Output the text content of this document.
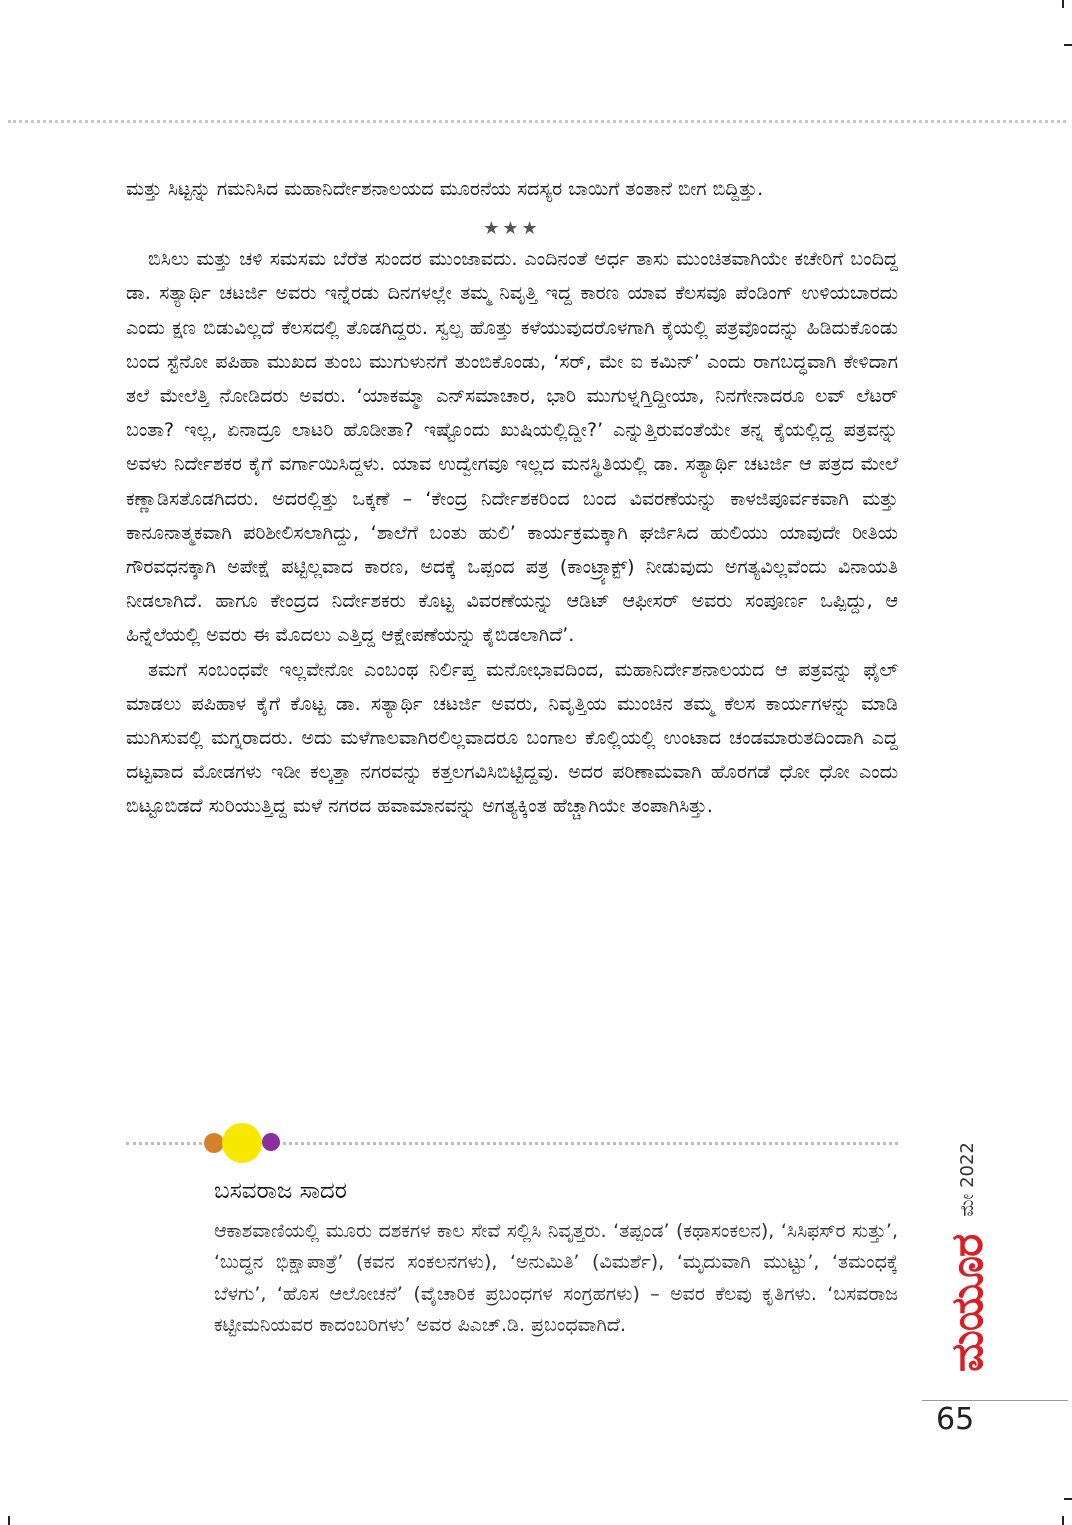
ಮತ್ತು ಸಿಟ್ಟನ್ನು ಗಮನಿಸಿದ ಮಹಾನಿರ್ದೇಶನಾಲಯದ ಮೂರನೆಯ ಸದಸ್ಯರ ಬಾಯಿಗೆ ತಂತಾನೆ ಬೀಗ ಬಿದ್ದಿತ್ತು.

★★★

ಬಿಸಿಲು ಮತ್ತು ಚಳಿ ಸಮಸಮ ಬೆರೆತ ಸುಂದರ ಮುಂಜಾವದು. ಎಂದಿನಂತೆ ಅರ್ಧ ತಾಸು ಮುಂಚಿತವಾಗಿಯೇ ಕಚೇರಿಗೆ ಬಂದಿದ್ದ ಡಾ. ಸತ್ಯಾರ್ಥಿ ಚಟರ್ಜಿ ಅವರು ಇನ್ನೆರಡು ದಿನಗಳಲ್ಲೇ ತಮ್ಮ ನಿವೃತ್ತಿ ಇದ್ದ ಕಾರಣ ಯಾವ ಕೆಲಸವೂ ಪೆಂಡಿಂಗ್ ಉಳಿಯಬಾರದು ಎಂದು ಕ್ಷಣ ಬಿಡುವಿಲ್ಲದೆ ಕೆಲಸದಲ್ಲಿ ತೊಡಗಿದ್ದರು. ಸ್ವಲ್ಪ ಹೊತ್ತು ಕಳೆಯುವುದರೊಳಗಾಗಿ ಕೈಯಲ್ಲಿ ಪತ್ರವೊಂದನ್ನು ಹಿಡಿದುಕೊಂಡು ಬಂದ ಸ್ಟೆನೋ ಪಪಿಹಾ ಮುಖದ ತುಂಬ ಮುಗುಳುನಗೆ ತುಂಬಿಕೊಂಡು, ‘ಸರ್, ಮೇ ಐ ಕಮಿನ್’ ಎಂದು ರಾಗಬದ್ಧವಾಗಿ ಕೇಳಿದಾಗ ತಲೆ ಮೇಲೆತ್ತಿ ನೋಡಿದರು ಅವರು. ‘ಯಾಕಮ್ಮಾ ಎನ್‌ಸಮಾಚಾರ, ಭಾರಿ ಮುಗುಳ್ನಗ್ತಿದ್ದೀಯಾ, ನಿನಗೇನಾದರೂ ಲವ್ ಲೆಟರ್ ಬಂತಾ? ಇಲ್ಲ, ಏನಾದ್ರೂ ಲಾಟರಿ ಹೊಡೀತಾ? ಇಷ್ಟೊಂದು ಖುಷಿಯಲ್ಲಿದ್ದೀ?’ ಎನ್ನುತ್ತಿರುವಂತೆಯೇ ತನ್ನ ಕೈಯಲ್ಲಿದ್ದ ಪತ್ರವನ್ನು ಅವಳು ನಿರ್ದೇಶಕರ ಕೈಗೆ ವರ್ಗಾಯಿಸಿದ್ದಳು. ಯಾವ ಉದ್ವೇಗವೂ ಇಲ್ಲದ ಮನಸ್ಥಿತಿಯಲ್ಲಿ ಡಾ. ಸತ್ಯಾರ್ಥಿ ಚಟರ್ಜಿ ಆ ಪತ್ರದ ಮೇಲೆ ಕಣ್ಣಾಡಿಸತೊಡಗಿದರು. ಅದರಲ್ಲಿತ್ತು ಒಕ್ಕಣೆ – ‘ಕೇಂದ್ರ ನಿರ್ದೇಶಕರಿಂದ ಬಂದ ವಿವರಣೆಯನ್ನು ಕಾಳಜಿಪೂರ್ವಕವಾಗಿ ಮತ್ತು ಕಾನೂನಾತ್ಮಕವಾಗಿ ಪರಿಶೀಲಿಸಲಾಗಿದ್ದು, ‘ಶಾಲೆಗೆ ಬಂತು ಹುಲಿ’ ಕಾರ್ಯಕ್ರಮಕ್ಕಾಗಿ ಘರ್ಜಿಸಿದ ಹುಲಿಯು ಯಾವುದೇ ರೀತಿಯ ಗೌರವಧನಕ್ಕಾಗಿ ಅಪೇಕ್ಷೆ ಪಟ್ಟಿಲ್ಲವಾದ ಕಾರಣ, ಅದಕ್ಕೆ ಒಪ್ಪಂದ ಪತ್ರ (ಕಾಂಟ್ರ್ಯಾಕ್ಟ್) ನೀಡುವುದು ಅಗತ್ಯವಿಲ್ಲವೆಂದು ವಿನಾಯತಿ ನೀಡಲಾಗಿದೆ. ಹಾಗೂ ಕೇಂದ್ರದ ನಿರ್ದೇಶಕರು ಕೊಟ್ಟ ವಿವರಣೆಯನ್ನು ಆಡಿಟ್ ಆಫೀಸರ್ ಅವರು ಸಂಪೂರ್ಣ ಒಪ್ಪಿದ್ದು, ಆ ಹಿನ್ನೆಲೆಯಲ್ಲಿ ಅವರು ಈ ಮೊದಲು ಎತ್ತಿದ್ದ ಆಕ್ಷೇಪಣೆಯನ್ನು ಕೈಬಿಡಲಾಗಿದೆ’.

ತಮಗೆ ಸಂಬಂಧವೇ ಇಲ್ಲವೇನೋ ಎಂಬಂಥ ನಿರ್ಲಿಪ್ತ ಮನೋಭಾವದಿಂದ, ಮಹಾನಿರ್ದೇಶನಾಲಯದ ಆ ಪತ್ರವನ್ನು ಫೈಲ್ ಮಾಡಲು ಪಪಿಹಾಳ ಕೈಗೆ ಕೊಟ್ಟ ಡಾ. ಸತ್ಯಾರ್ಥಿ ಚಟರ್ಜಿ ಅವರು, ನಿವೃತ್ತಿಯ ಮುಂಚಿನ ತಮ್ಮ ಕೆಲಸ ಕಾರ್ಯಗಳನ್ನು ಮಾಡಿ ಮುಗಿಸುವಲ್ಲಿ ಮಗ್ನರಾದರು. ಅದು ಮಳೆಗಾಲವಾಗಿರಲಿಲ್ಲವಾದರೂ ಬಂಗಾಲ ಕೊಲ್ಲಿಯಲ್ಲಿ ಉಂಟಾದ ಚಂಡಮಾರುತದಿಂದಾಗಿ ಎದ್ದ ದಟ್ಟವಾದ ಮೋಡಗಳು ಇಡೀ ಕಲ್ಕತ್ತಾ ನಗರವನ್ನು ಕತ್ತಲಗವಿಸಿಬಿಟ್ಟಿದ್ದವು. ಅದರ ಪರಿಣಾಮವಾಗಿ ಹೊರಗಡೆ ಧೋ ಧೋ ಎಂದು ಬಿಟ್ಟೂಬಿಡದೆ ಸುರಿಯುತ್ತಿದ್ದ ಮಳೆ ನಗರದ ಹವಾಮಾನವನ್ನು ಅಗತ್ಯಕ್ಕಿಂತ ಹೆಚ್ಚಾಗಿಯೇ ತಂಪಾಗಿಸಿತ್ತು.

ಬಸವರಾಜ ಸಾದರ

ಆಕಾಶವಾಣಿಯಲ್ಲಿ ಮೂರು ದಶಕಗಳ ಕಾಲ ಸೇವೆ ಸಲ್ಲಿಸಿ ನಿವೃತ್ತರು. ‘ತಪ್ಪಂಡ’ (ಕಥಾಸಂಕಲನ), ‘ಸಿಸಿಫಸ್‌ರ ಸುತ್ತು’, ‘ಬುದ್ಧನ ಭಿಕ್ಷಾಪಾತ್ರೆ’ (ಕವನ ಸಂಕಲನಗಳು), ‘ಅನುಮಿತಿ’ (ವಿಮರ್ಶೆ), ‘ಮೃದುವಾಗಿ ಮುಟ್ಟು’, ‘ತಮಂಧಕ್ಕೆ ಬೆಳಗು’, ‘ಹೊಸ ಆಲೋಚನೆ’ (ವೈಚಾರಿಕ ಪ್ರಬಂಧಗಳ ಸಂಗ್ರಹಗಳು) – ಅವರ ಕೆಲವು ಕೃತಿಗಳು. ‘ಬಸವರಾಜ ಕಟ್ಟೀಮನಿಯವರ ಕಾದಂಬರಿಗಳು’ ಅವರ ಪಿಎಚ್.ಡಿ. ಪ್ರಬಂಧವಾಗಿದೆ.	ಮಯೂರ
ಮೇ 2022
65
